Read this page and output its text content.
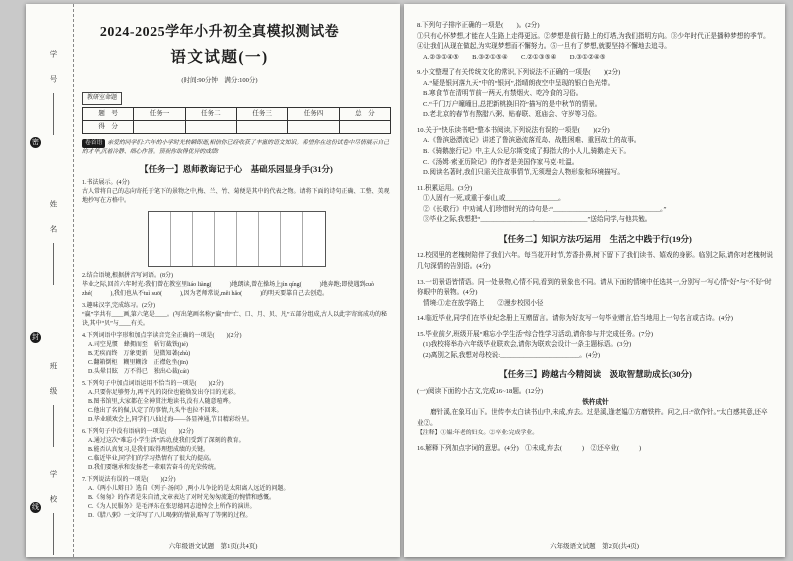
学　号
密
姓　名
封
班　级
线 学　校
2024-2025学年小升初全真模拟测试卷
语文试题(一)
(时间:90分钟　满分:100分)
教研室命题
题　号	任务一	任务二	任务三	任务四	总　分
得　分					
卷首语 亲爱的同学们:六年的小学时光转瞬即逝,相信你已经收获了丰富的语文知识。希望你在这份试卷中尽情展示自己的才华,沉着冷静、细心作答。预祝你取得优异的成绩!
【任务一】恩师教诲记于心　基础乐园显身手(31分)

1.书法展示。(4分)

古人常将自己的志向寄托于笔下的景物之中,梅、兰、竹、菊便是其中的代表之物。请将下面的诗句正确、工整、美观地抄写在方格中。

2.结合语境,根据拼音写词语。(8分)

毕业之际,回首六年时光:我们曾在教室里liáo liàng(　　　)地朗读,曾在操场上jìn qíng(　　　)地奔跑;即使遇到cuò zhé(　　　),我们也从不tuì suō(　　　),因为老师常说,měi hǎo(　　　)的明天要靠自己去创造。

3.趣味汉字,完成练习。(2分)

“赢”字共有____画,第六笔是____。(写出笔画名称)“赢”由“亡、口、月、贝、凡”五部分组成,古人以此字寄寓成功的秘诀,其中“贝”与____有关。

4.下列词语中字形和加点字读音完全正确的一项是(　　)(2分)

A.司空见惯　蜂拥而至　斩钉截铁(jié)
B.无疾而终　万象更新　见微知著(zhù)
C.翻箱倒柜　糊里糊涂　正襟危坐(jīn)
D.头晕目眩　万不得已　独出心裁(cái)

5.下列句子中加点词语运用不恰当的一项是(　　)(2分)

A.只要你足够努力,再平凡的岗位也能焕发出夺目的光彩。
B.图书馆里,大家都在全神贯注地读书,没有人随意喧哗。
C.他出了名的倔,认定了的事情,九头牛也拉不回来。
D.毕业联欢会上,同学们八仙过海——各显神通,节目精彩纷呈。

6.下列句子中没有语病的一项是(　　)(2分)

A.通过这次“难忘小学生活”活动,使我们受到了深刻的教育。
B.能否认真复习,是我们取得理想成绩的关键。
C.临近毕业,同学们的学习热情有了很大的提高。
D.我们要继承和发扬老一辈艰苦奋斗的光荣传统。

7.下列说法有误的一项是(　　)(2分)

A.《两小儿辩日》选自《列子·汤问》,两小儿争论的是太阳离人远近的问题。
B.《匆匆》的作者是朱自清,文章表达了对时光匆匆流逝的惋惜和感慨。
C.《为人民服务》是毛泽东在张思德同志追悼会上所作的演讲。
D.《腊八粥》一文详写了八儿喝粥的情景,略写了等粥的过程。
六年级语文试题　第1页(共4页)

8.下列句子排序正确的一项是(　　)。(2分)

①只有心怀梦想,才能在人生路上走得更远。②梦想是前行路上的灯塔,为我们指明方向。③少年时代正是播种梦想的季节。④让我们从现在做起,为实现梦想而不懈努力。⑤一旦有了梦想,就要坚持不懈地去追寻。

A.②③①④⑤　　B.③②①⑤④　　C.②①③⑤④　　D.③①②④⑤

9.小文整理了有关传统文化的常识,下列说法不正确的一项是(　　)(2分)

A.“疑是银河落九天”中的“银河”,指晴朗夜空中呈现的银白色光带。
B.寒食节在清明节前一两天,有禁烟火、吃冷食的习俗。
C.“千门万户曈曈日,总把新桃换旧符”描写的是中秋节的情景。
D.老北京的春节有熬腊八粥、贴春联、逛庙会、守岁等习俗。

10.关于“快乐读书吧”整本书阅读,下列说法有误的一项是(　　)(2分)

A.《鲁滨逊漂流记》讲述了鲁滨逊流落荒岛、战胜困难、重回故土的故事。
B.《骑鹅旅行记》中,主人公尼尔斯变成了拇指大的小人儿,骑鹅走天下。
C.《汤姆·索亚历险记》的作者是美国作家马克·吐温。
D.阅读名著时,我们只需关注故事情节,无须理会人物形象和环境描写。

11.积累运用。(3分)

①人固有一死,或重于泰山,或________________。
②《长歌行》中劝诫人们珍惜时光的诗句是:“________________,________________。”
③毕业之际,我想把“________________,________________”送给同学,与他共勉。
【任务二】知识方法巧运用　生活之中践于行(19分)

12.校园里的老槐树陪伴了我们六年。每当花开时节,芳香扑鼻,树下留下了我们读书、嬉戏的身影。临别之际,请你对老槐树说几句深情的告别语。(4分)

13.一切景语皆情语。同一处景物,心情不同,看到的景象也不同。请从下面的情境中任选其一,分别写一写心情“好”与“不好”时你眼中的景物。(4分)

情境:①走在放学路上　　②漫步校园小径

14.临近毕业,同学们在毕业纪念册上互赠留言。请你为好友写一句毕业赠言,恰当地用上一句名言或古诗。(4分)

15.毕业前夕,班级开展“难忘小学生活”综合性学习活动,请你参与并完成任务。(7分)

(1)我校将举办六年级毕业联欢会,请你为联欢会设计一条主题标语。(3分)
(2)离别之际,我想对母校说:________________________。(4分)
【任务三】跨越古今精阅读　汲取智慧助成长(30分)

(一)阅读下面的小古文,完成16~18题。(12分)

铁杵成针

磨针溪,在象耳山下。世传李太白读书山中,未成,弃去。过是溪,逢老媪①方磨铁杵。问之,曰:“欲作针。”太白感其意,还卒业②。

【注释】①媪:年老的妇女。②卒业:完成学业。

16.解释下列加点字词的意思。(4分)　①未成,弃去(　　　)　②还卒业(　　　)

六年级语文试题　第2页(共4页)
